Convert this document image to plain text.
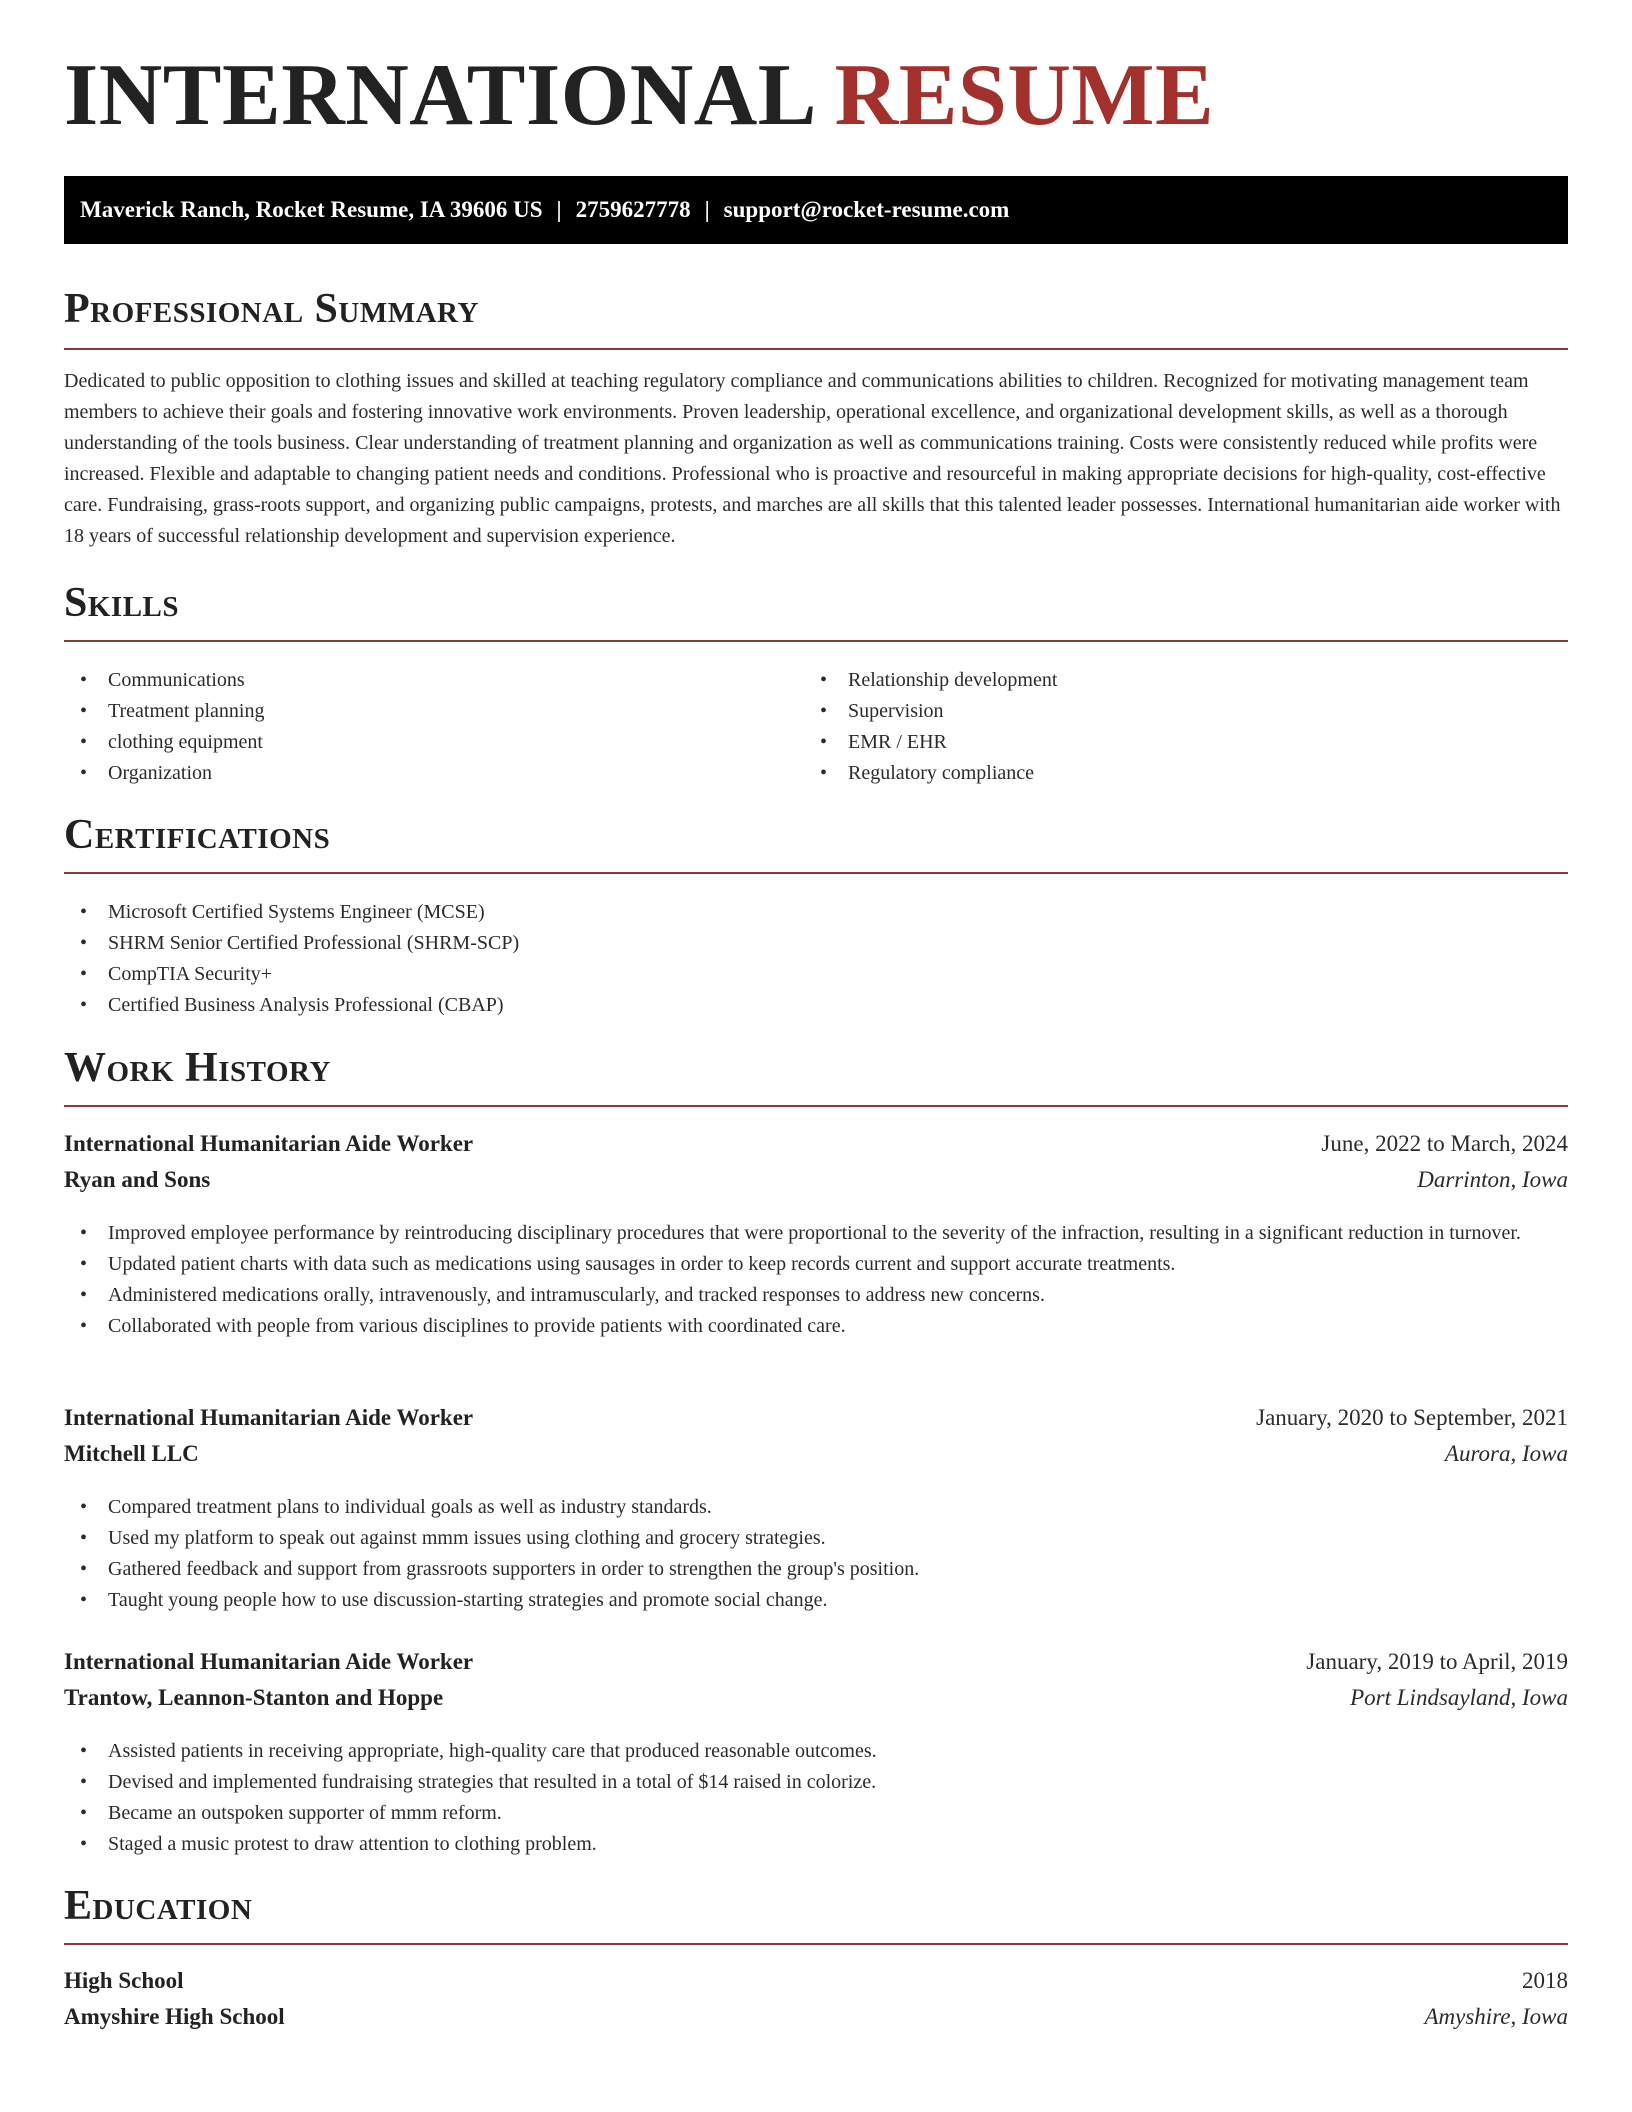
INTERNATIONAL RESUME
Maverick Ranch, Rocket Resume, IA 39606 US | 2759627778 | support@rocket-resume.com
Professional Summary

Dedicated to public opposition to clothing issues and skilled at teaching regulatory compliance and communications abilities to children. Recognized for motivating management team members to achieve their goals and fostering innovative work environments. Proven leadership, operational excellence, and organizational development skills, as well as a thorough understanding of the tools business. Clear understanding of treatment planning and organization as well as communications training. Costs were consistently reduced while profits were increased. Flexible and adaptable to changing patient needs and conditions. Professional who is proactive and resourceful in making appropriate decisions for high-quality, cost-effective care. Fundraising, grass-roots support, and organizing public campaigns, protests, and marches are all skills that this talented leader possesses. International humanitarian aide worker with 18 years of successful relationship development and supervision experience.

Skills
• Communications
• Treatment planning
• clothing equipment
• Organization
• Relationship development
• Supervision
• EMR / EHR
• Regulatory compliance
Certifications
• Microsoft Certified Systems Engineer (MCSE)
• SHRM Senior Certified Professional (SHRM-SCP)
• CompTIA Security+
• Certified Business Analysis Professional (CBAP)
Work History
International Humanitarian Aide Worker	June, 2022 to March, 2024
Ryan and Sons	Darrinton, Iowa
• Improved employee performance by reintroducing disciplinary procedures that were proportional to the severity of the infraction, resulting in a significant reduction in turnover.
• Updated patient charts with data such as medications using sausages in order to keep records current and support accurate treatments.
• Administered medications orally, intravenously, and intramuscularly, and tracked responses to address new concerns.
• Collaborated with people from various disciplines to provide patients with coordinated care.
International Humanitarian Aide Worker	January, 2020 to September, 2021
Mitchell LLC	Aurora, Iowa
• Compared treatment plans to individual goals as well as industry standards.
• Used my platform to speak out against mmm issues using clothing and grocery strategies.
• Gathered feedback and support from grassroots supporters in order to strengthen the group's position.
• Taught young people how to use discussion-starting strategies and promote social change.
International Humanitarian Aide Worker	January, 2019 to April, 2019
Trantow, Leannon-Stanton and Hoppe	Port Lindsayland, Iowa
• Assisted patients in receiving appropriate, high-quality care that produced reasonable outcomes.
• Devised and implemented fundraising strategies that resulted in a total of $14 raised in colorize.
• Became an outspoken supporter of mmm reform.
• Staged a music protest to draw attention to clothing problem.
Education
High School	2018
Amyshire High School	Amyshire, Iowa
